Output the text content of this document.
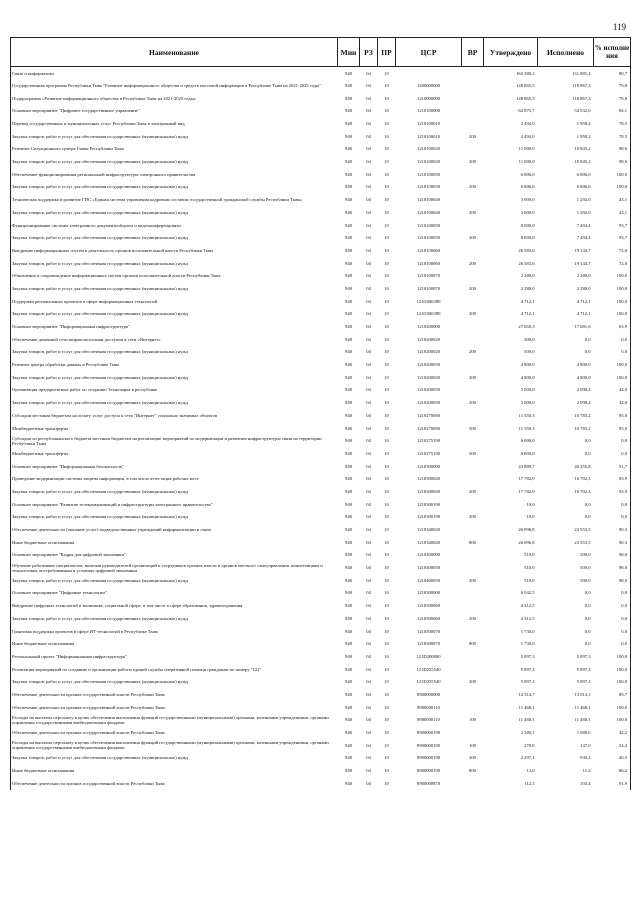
119
Наименование	Мин	РЗ	ПР	ЦСР	ВР	Утверждено	Исполнено	% исполне ния
Связь и информатика	948	04	10			163 380,2	131 881,4	80,7
Государственная программа Республики Тыва "Развитие информационного общества и средств массовой информации в Республике Тыва на 2021-2025 годы"	948	04	10	1200000000		148 865,5	118 867,3	79,8
Подпрограмма «Развитие информационного общества в Республике Тыва на 2021-2025 годы»	948	04	10	1210000000		148 865,5	118 867,3	79,8
Основное мероприятие "Цифровое государственное управление"	948	04	10	1210100000		64 875,7	54 532,6	84,1
Перевод государственных и муниципальных услуг Республики Тыва в электронный вид	948	04	10	1210100010		2 494,0	1 958,2	78,5
Закупка товаров, работ и услуг для обеспечения государственных (муниципальных) нужд	948	04	10	1210100010	200	2 494,0	1 958,2	78,5
Развитие Ситуационного центра Главы Республики Тыва	948	04	10	1210100020		11 000,0	10 845,2	98,6
Закупка товаров, работ и услуг для обеспечения государственных (муниципальных) нужд	948	04	10	1210100020	200	11 000,0	10 845,2	98,6
Обеспечение функционирования региональной инфраструктуры электронного правительства	948	04	10	1210100030		6 806,0	6 806,0	100,0
Закупка товаров, работ и услуг для обеспечения государственных (муниципальных) нужд	948	04	10	1210100030	200	6 806,0	6 806,0	100,0
Техническая поддержка и развитие ГИС «Единая система управления кадровым составом государственной гражданской службы Республики Тыва»	948	04	10	1210100040		3 000,0	1 292,0	43,1
Закупка товаров, работ и услуг для обеспечения государственных (муниципальных) нужд	948	04	10	1210100040	200	3 000,0	1 292,0	43,1
Функционирование системы электронного документооборота и видеоконференцсвязи	948	04	10	1210100050		8 000,0	7 494,4	93,7
Закупка товаров, работ и услуг для обеспечения государственных (муниципальных) нужд	948	04	10	1210100050	200	8 000,0	7 494,4	93,7
Внедрение информационных систем в деятельность органов исполнительной власти Республики Тыва	948	04	10	1210100060		26 583,6	19 144,7	72,0
Закупка товаров, работ и услуг для обеспечения государственных (муниципальных) нужд	948	04	10	1210100060	200	26 583,6	19 144,7	72,0
Обновление и сопровождение информационных систем органов исполнительной власти Республики Тыва	948	04	10	1210100070		2 280,0	2 280,0	100,0
Закупка товаров, работ и услуг для обеспечения государственных (муниципальных) нужд	948	04	10	1210100070	200	2 280,0	2 280,0	100,0
Поддержка региональных проектов в сфере информационных технологий	948	04	10	12101R0280		4 712,1	4 712,1	100,0
Закупка товаров, работ и услуг для обеспечения государственных (муниципальных) нужд	948	04	10	12101R0280	200	4 712,1	4 712,1	100,0
Основное мероприятие "Информационная инфраструктура"	948	04	10	1210200000		27 650,3	17 681,6	63,9
Обеспечение доменной сети широкополосным доступом к сети «Интернет»	948	04	10	1210200020		500,0	0,0	0,0
Закупка товаров, работ и услуг для обеспечения государственных (муниципальных) нужд	948	04	10	1210200020	200	500,0	0,0	0,0
Развитие центра обработки данных в Республике Тыва	948	04	10	1210200030		4 800,0	4 800,0	100,0
Закупка товаров, работ и услуг для обеспечения государственных (муниципальных) нужд	948	04	10	1210200030	200	4 800,0	4 800,0	100,0
Организация предпроектных работ по созданию Технопарка в республике	948	04	10	1210200050		5 000,0	2 098,4	42,0
Закупка товаров, работ и услуг для обеспечения государственных (муниципальных) нужд	948	04	10	1210200050	200	5 000,0	2 098,4	42,0
Субсидии местным бюджетам на оплату услуг доступа к сети "Интернет" социально значимых объектов	948	04	10	1210270080		11 350,3	10 783,2	95,0
Межбюджетные трансферты	948	04	10	1210270080	500	11 350,3	10 783,2	95,0
Субсидии из республиканского бюджета местным бюджетам на реализацию мероприятий по модернизации и развитию инфраструктуры связи на территории Республики Тыва	948	04	10	1210275190		6 000,0	0,0	0,0
Межбюджетные трансферты	948	04	10	1210275190	500	6 000,0	0,0	0,0
Основное мероприятие "Информационная безопасность"	948	04	10	1210300000		43 889,7	40 255,8	91,7
Проведение модернизации системы защиты информации, в том числе аттестация рабочих мест	948	04	10	1210300040		17 782,9	16 702,3	93,9
Закупка товаров, работ и услуг для обеспечения государственных (муниципальных) нужд	948	04	10	1210300040	200	17 782,9	16 702,3	93,9
Основное мероприятие "Развитие телекоммуникаций и инфраструктуры электронного правительства"	948	04	10	1210300190		10,0	0,0	0,0
Закупка товаров, работ и услуг для обеспечения государственных (муниципальных) нужд	948	04	10	1210300190	200	10,0	0,0	0,0
Обеспечение деятельности (оказание услуг) подведомственных учреждений информатизации и связи	948	04	10	1210340040		26 096,8	23 553,5	90,3
Иные бюджетные ассигнования	948	04	10	1210340040	800	26 096,8	23 553,5	90,3
Основное мероприятие "Кадры для цифровой экономики"	948	04	10	1210400000		510,0	500,0	98,0
Обучение работников специалистов, включая руководителей организаций и сотрудников органов власти и органов местного самоуправления, компетенциям и технологиям, востребованным в условиях цифровой экономики	948	04	10	1210400050		510,0	500,0	98,0
Закупка товаров, работ и услуг для обеспечения государственных (муниципальных) нужд	948	04	10	1210400050	200	510,0	500,0	98,0
Основное мероприятие "Цифровые технологии"	948	04	10	1210500000		6 042,5	0,0	0,0
Внедрение цифровых технологий в экономике, социальной сфере, в том числе в сфере образования, здравоохранения	948	04	10	1210500060		4 312,5	0,0	0,0
Закупка товаров, работ и услуг для обеспечения государственных (муниципальных) нужд	948	04	10	1210500060	200	4 312,5	0,0	0,0
Грантовая поддержка проектов в сфере ИТ-технологий в Республике Тыва	948	04	10	1210500070		1 730,0	0,0	0,0
Иные бюджетные ассигнования	948	04	10	1210500070	800	1 730,0	0,0	0,0
Региональный проект "Информационная инфраструктура"	948	04	10	121D200000		5 897,3	5 897,3	100,0
Реализация мероприятий по созданию и организации работы единой службы оперативной помощи гражданам по номеру "122"	948	04	10	121D255540		5 897,3	5 897,3	100,0
Закупка товаров, работ и услуг для обеспечения государственных (муниципальных) нужд	948	04	10	121D255540	200	5 897,3	5 897,3	100,0
Обеспечение деятельности органов государственной власти Республики Тыва	948	04	10	8900000000		14 514,7	13 014,1	89,7
Обеспечение деятельности органов государственной власти Республики Тыва	948	04	10	8900000110		11 468,1	11 468,1	100,0
Расходы на выплаты персоналу в целях обеспечения выполнения функций государственными (муниципальными) органами, казенными учреждениями, органами управления государственными внебюджетными фондами	948	04	10	8900000110	100	11 468,1	11 468,1	100,0
Обеспечение деятельности органов государственной власти Республики Тыва	948	04	10	8900000190		2 580,1	1 088,6	42,2
Расходы на выплаты персоналу в целях обеспечения выполнения функций государственными (муниципальными) органами, казенными учреждениями, органами управления государственными внебюджетными фондами	948	04	10	8900000190	100	270,0	147,0	54,4
Закупка товаров, работ и услуг для обеспечения государственных (муниципальных) нужд	948	04	10	8900000190	200	2 297,1	930,4	40,5
Иные бюджетные ассигнования	948	04	10	8900000190	800	13,0	11,2	86,2
Обеспечение деятельности органов государственной власти Республики Тыва	948	04	10	8900000870		112,5	103,4	91,9
